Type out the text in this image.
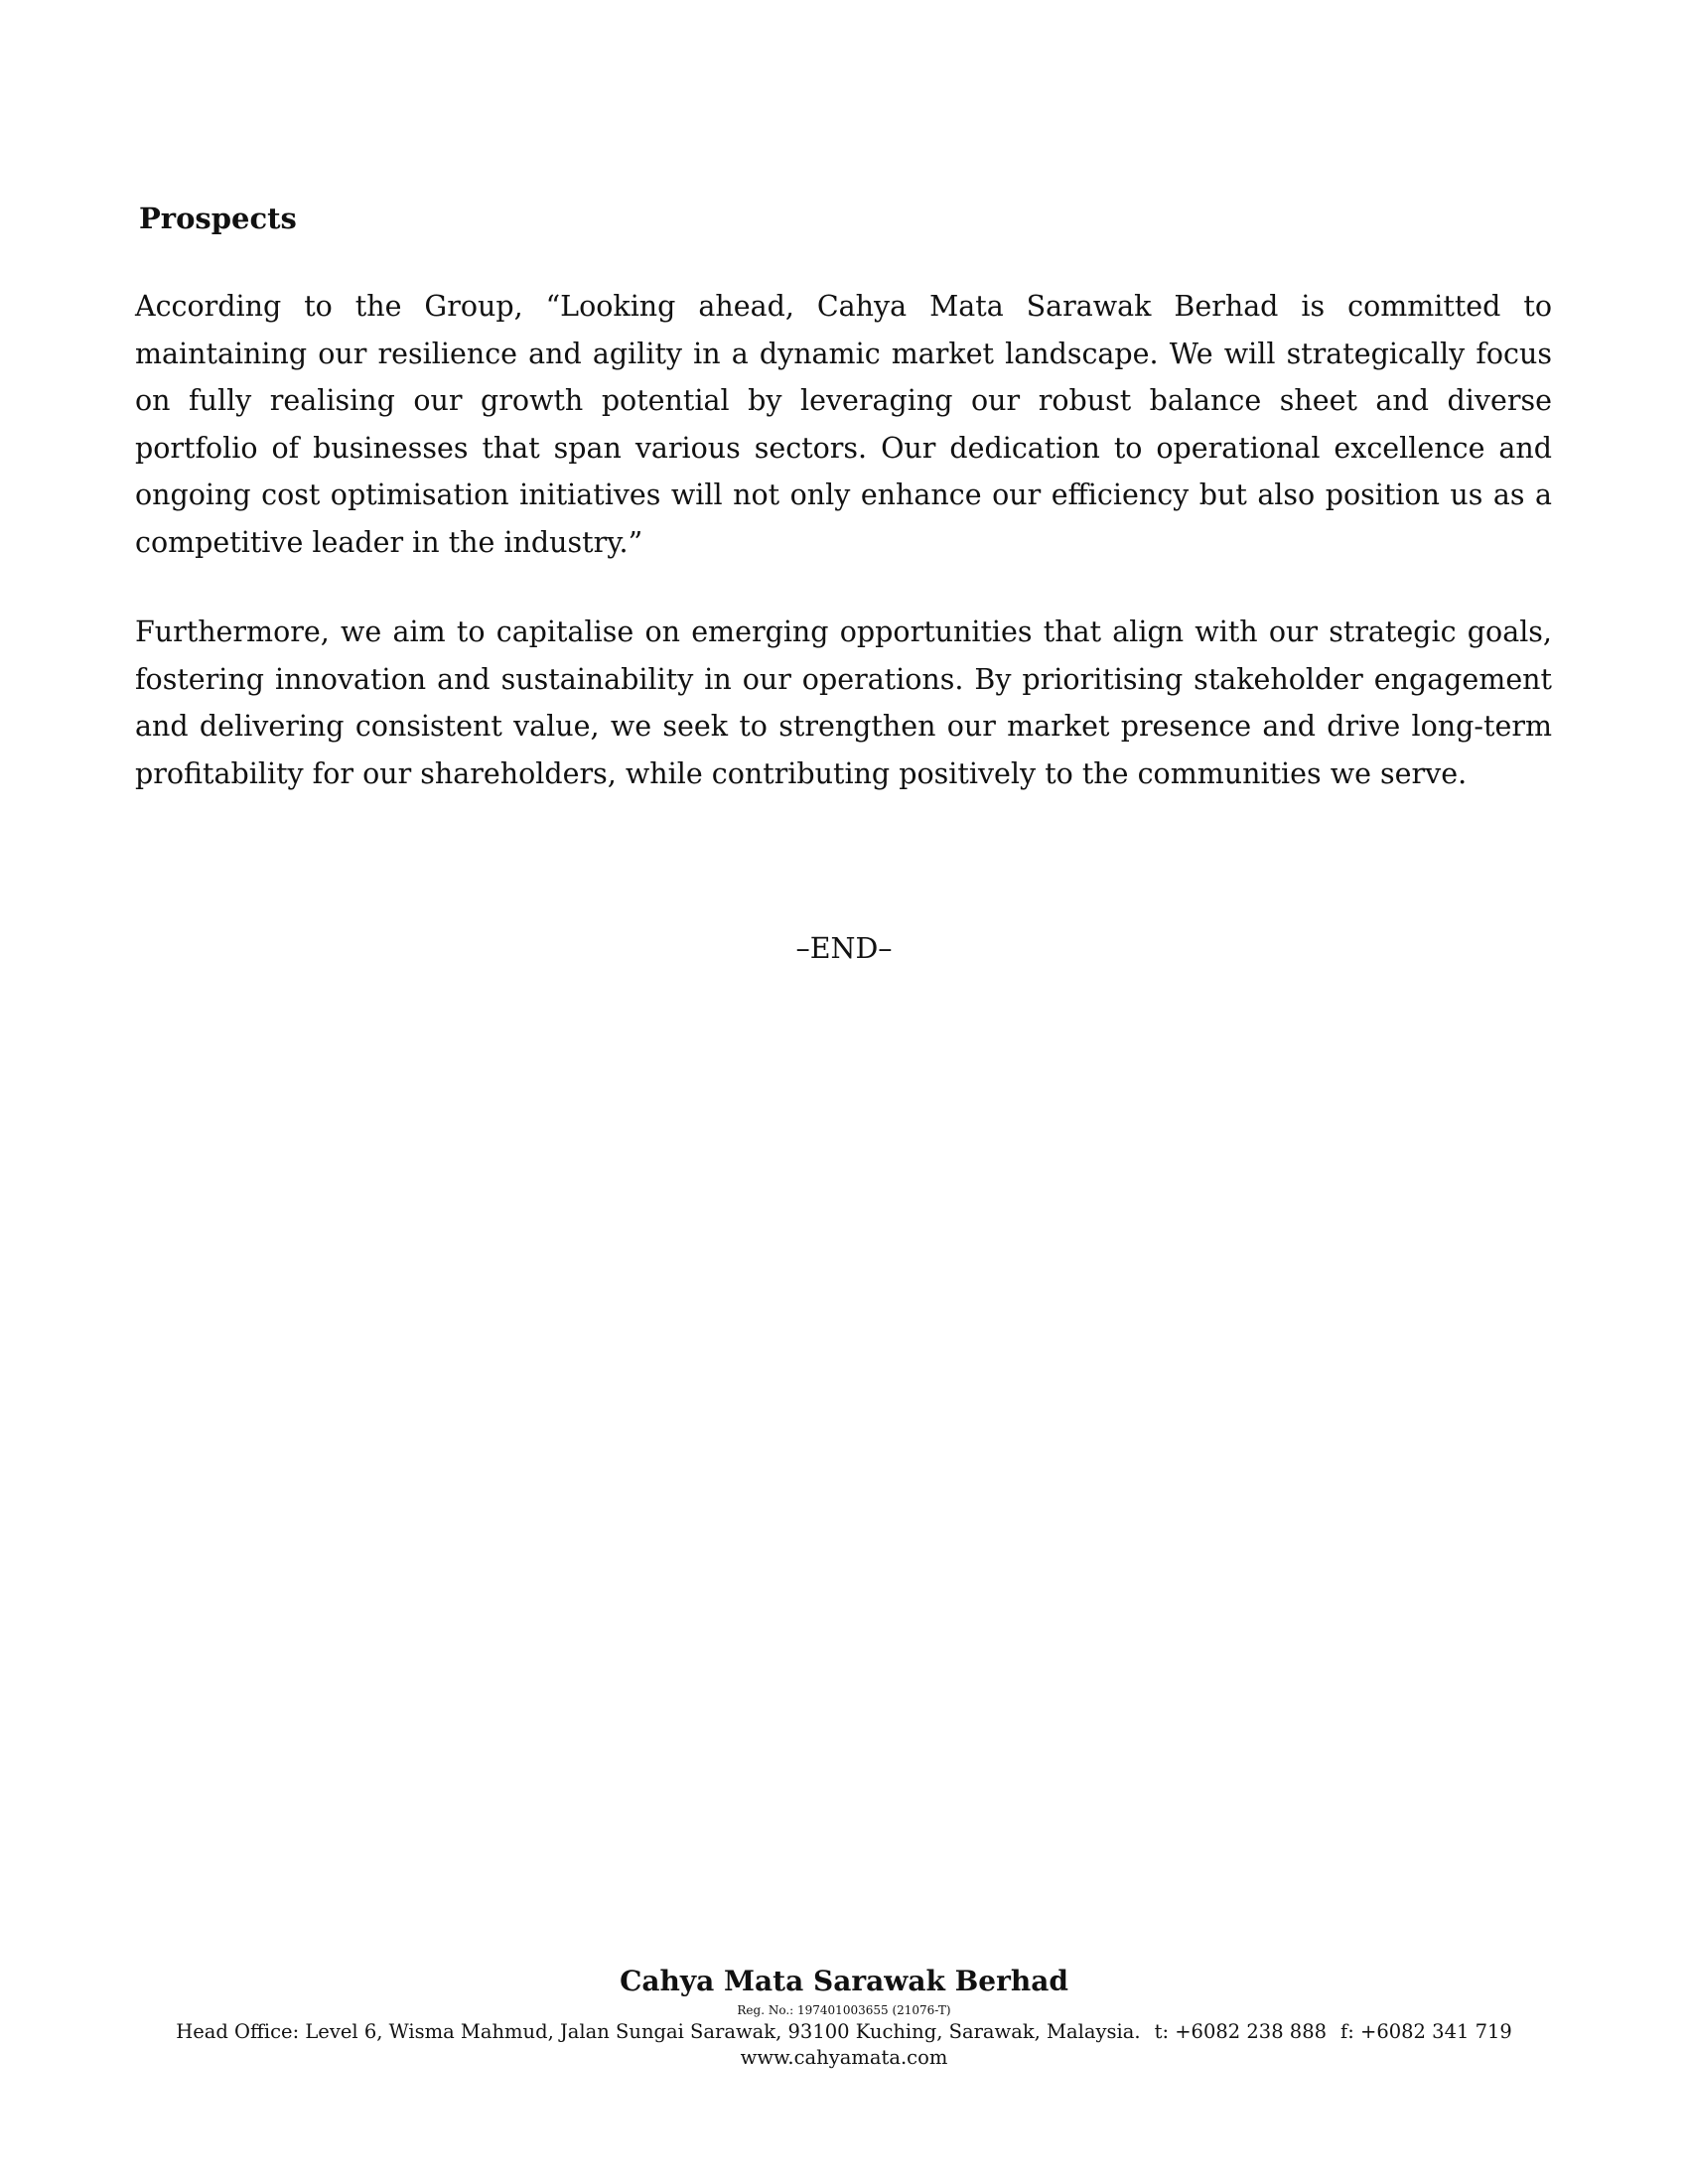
Prospects

According to the Group, “Looking ahead, Cahya Mata Sarawak Berhad is committed to maintaining our resilience and agility in a dynamic market landscape. We will strategically focus on fully realising our growth potential by leveraging our robust balance sheet and diverse portfolio of businesses that span various sectors. Our dedication to operational excellence and ongoing cost optimisation initiatives will not only enhance our efficiency but also position us as a competitive leader in the industry.”

Furthermore, we aim to capitalise on emerging opportunities that align with our strategic goals, fostering innovation and sustainability in our operations. By prioritising stakeholder engagement and delivering consistent value, we seek to strengthen our market presence and drive long-term profitability for our shareholders, while contributing positively to the communities we serve.

–END–

Cahya Mata Sarawak Berhad

Reg. No.: 197401003655 (21076-T)

Head Office: Level 6, Wisma Mahmud, Jalan Sungai Sarawak, 93100 Kuching, Sarawak, Malaysia. t: +6082 238 888 f: +6082 341 719

www.cahyamata.com
